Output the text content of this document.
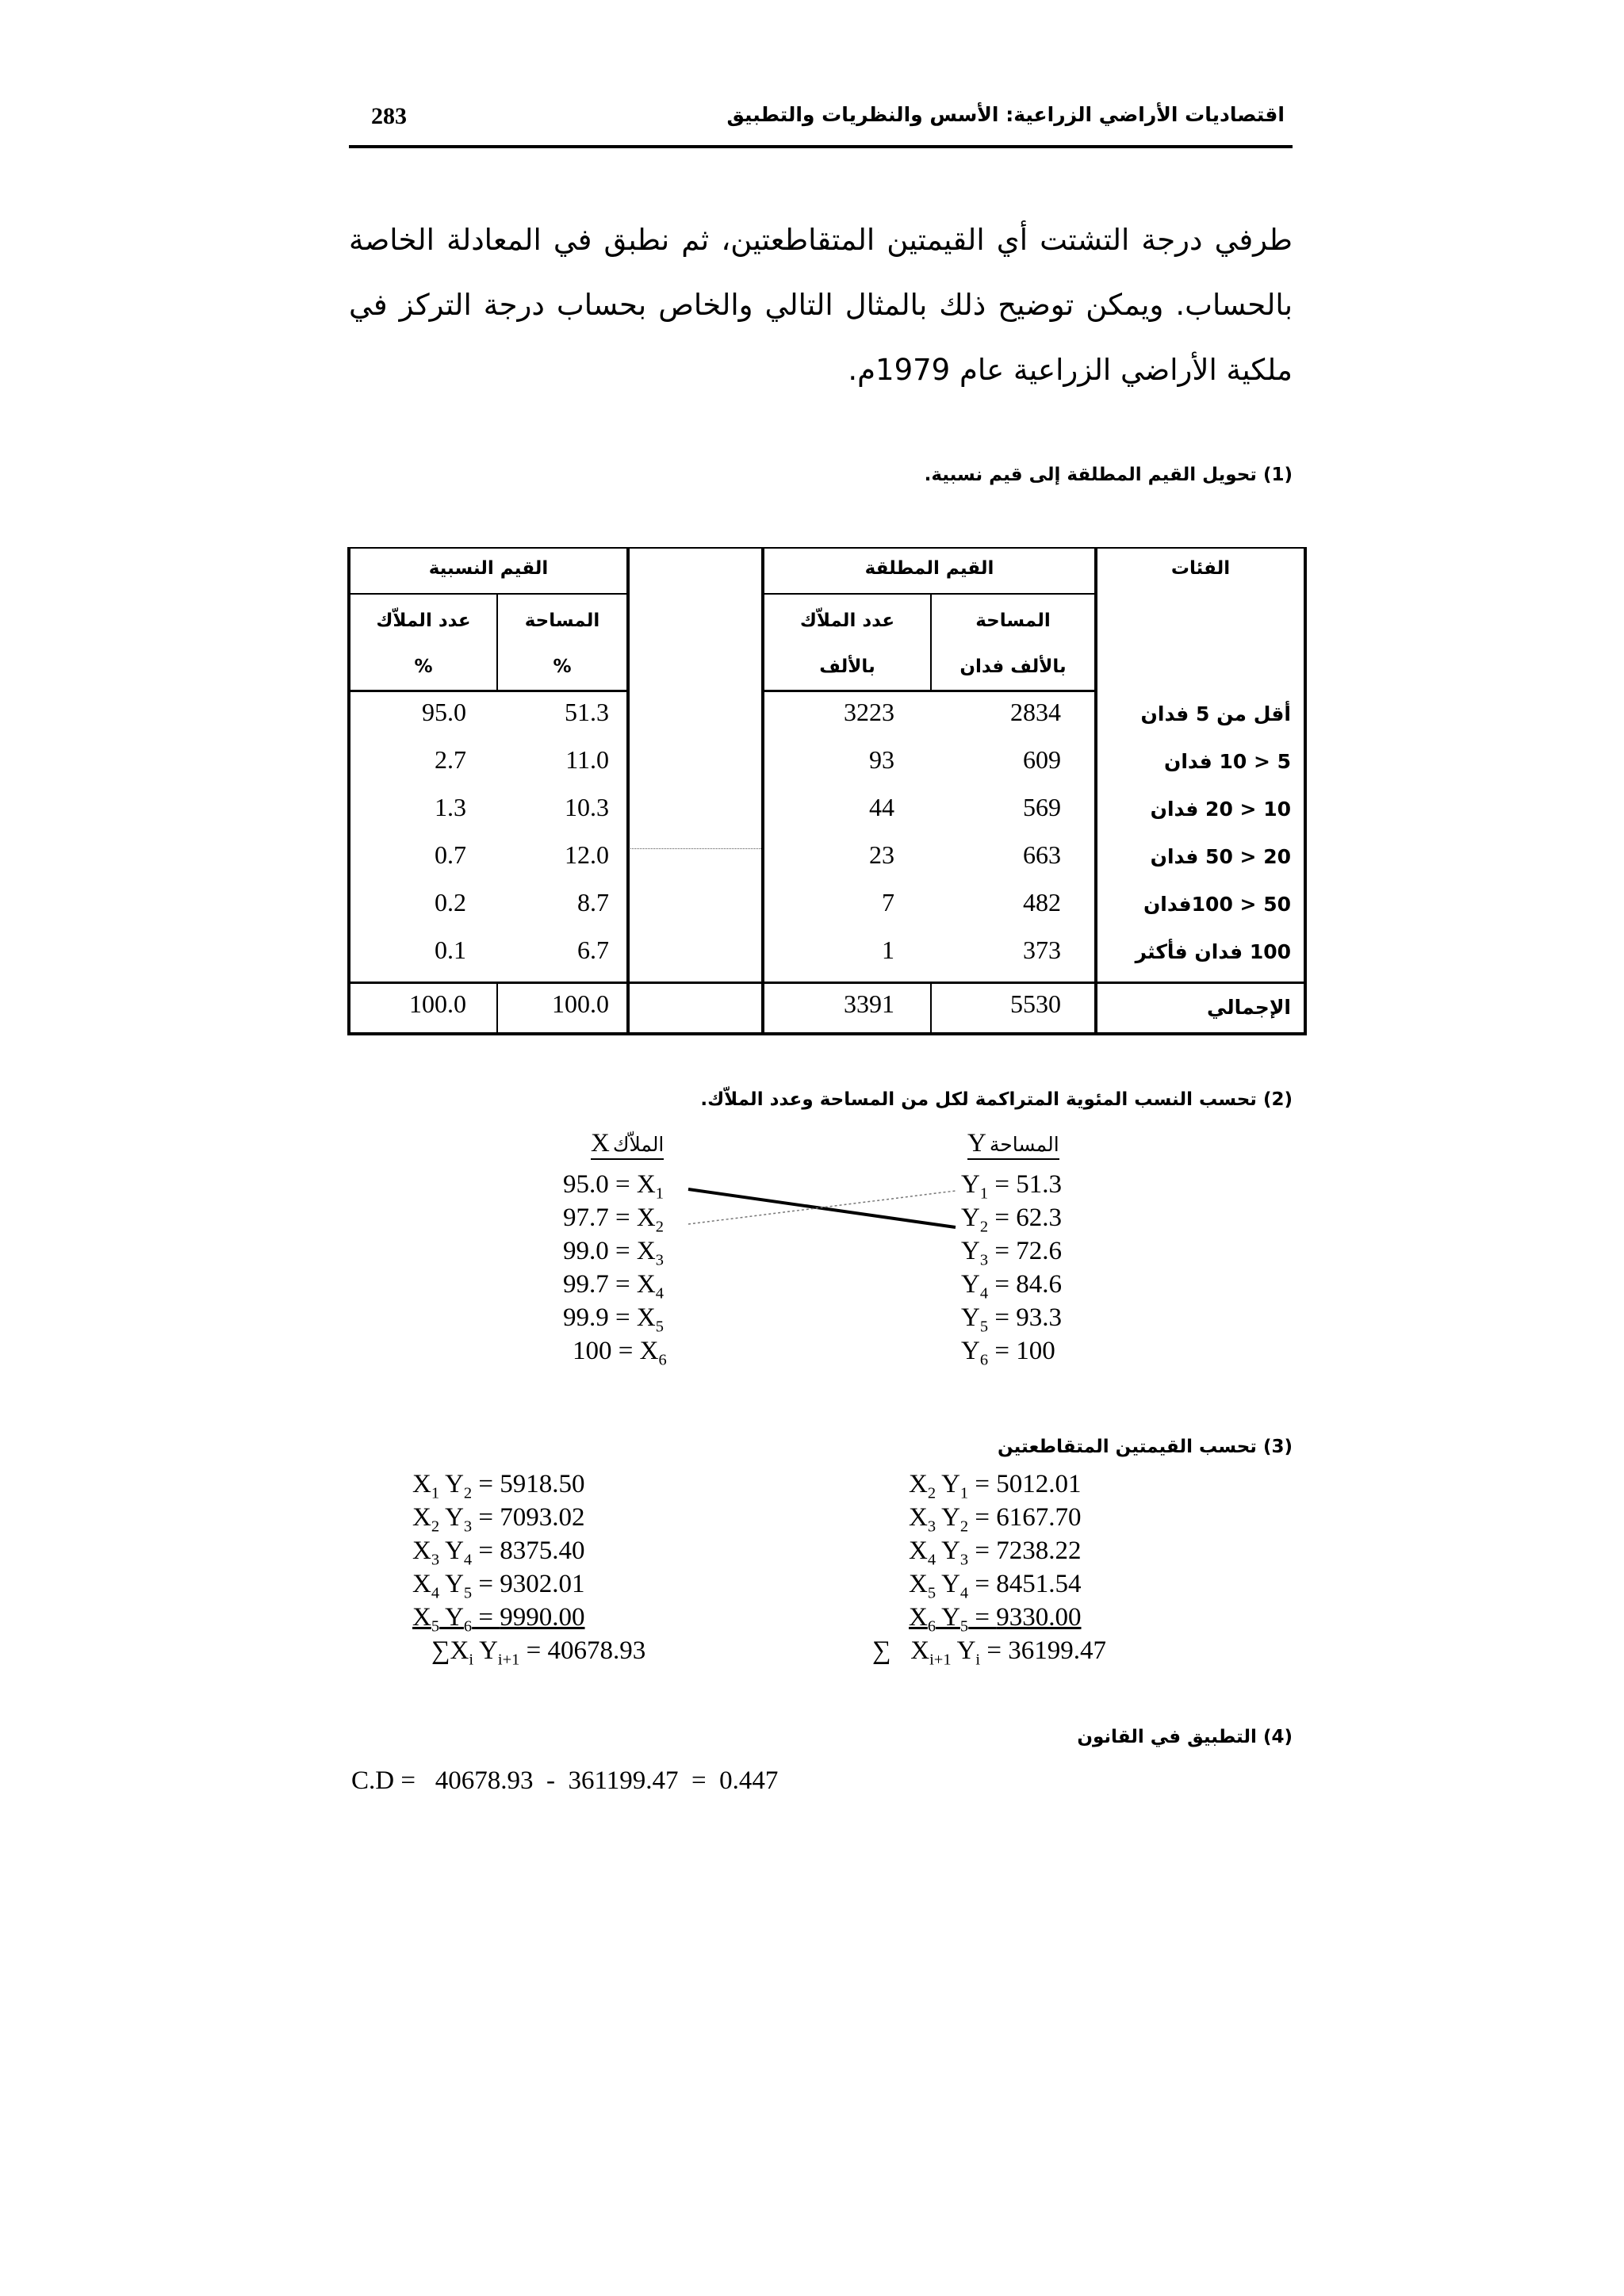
اقتصاديات الأراضي الزراعية: الأسس والنظريات والتطبيق
283
طرفي درجة التشتت أي القيمتين المتقاطعتين، ثم نطبق في المعادلة الخاصة بالحساب. ويمكن توضيح ذلك بالمثال التالي والخاص بحساب درجة التركز في ملكية الأراضي الزراعية عام 1979م.
(1) تحويل القيم المطلقة إلى قيم نسبية.
الفئات
القيم المطلقة
القيم النسبية
المساحة
بالألف فدان
عدد الملاّك
بالألف
المساحة
%
عدد الملاّك
%
أقل من 5 فدان
2834
3223
51.3
95.0
5 < 10 فدان
609
93
11.0
2.7
10 < 20 فدان
569
44
10.3
1.3
20 < 50 فدان
663
23
12.0
0.7
50 < 100فدان
482
7
8.7
0.2
100 فدان فأكثر
373
1
6.7
0.1
الإجمالي
5530
3391
100.0
100.0
(2) تحسب النسب المئوية المتراكمة لكل من المساحة وعدد الملاّك.
Y المساحة
X الملاّك
$95.0 = X_1$
$97.7 = X_2$
$99.0 = X_3$
$99.7 = X_4$
$99.9 = X_5$
$100 = X_6$
$Y_1 = 51.3$
$Y_2 = 62.3$
$Y_3 = 72.6$
$Y_4 = 84.6$
$Y_5 = 93.3$
$Y_6 = 100$
(3) تحسب القيمتين المتقاطعتين
$X_1$ $Y_2 = 5918.50$
$X_2$ $Y_3 = 7093.02$
$X_3$ $Y_4 = 8375.40$
$X_4$ $Y_5 = 9302.01$
$X_5$ $Y_6 = 9990.00$
$\sum X_i$ $Y_{i+1} = 40678.93$
$X_2$ $Y_1 = 5012.01$
$X_3$ $Y_2 = 6167.70$
$X_4$ $Y_3 = 7238.22$
$X_5$ $Y_4 = 8451.54$
$X_6$ $Y_5 = 9330.00$
∑   $X_{i+1}$ $Y_i = 36199.47$
(4) التطبيق في القانون
C.D = 40678.93 - 361199.47 = 0.447
